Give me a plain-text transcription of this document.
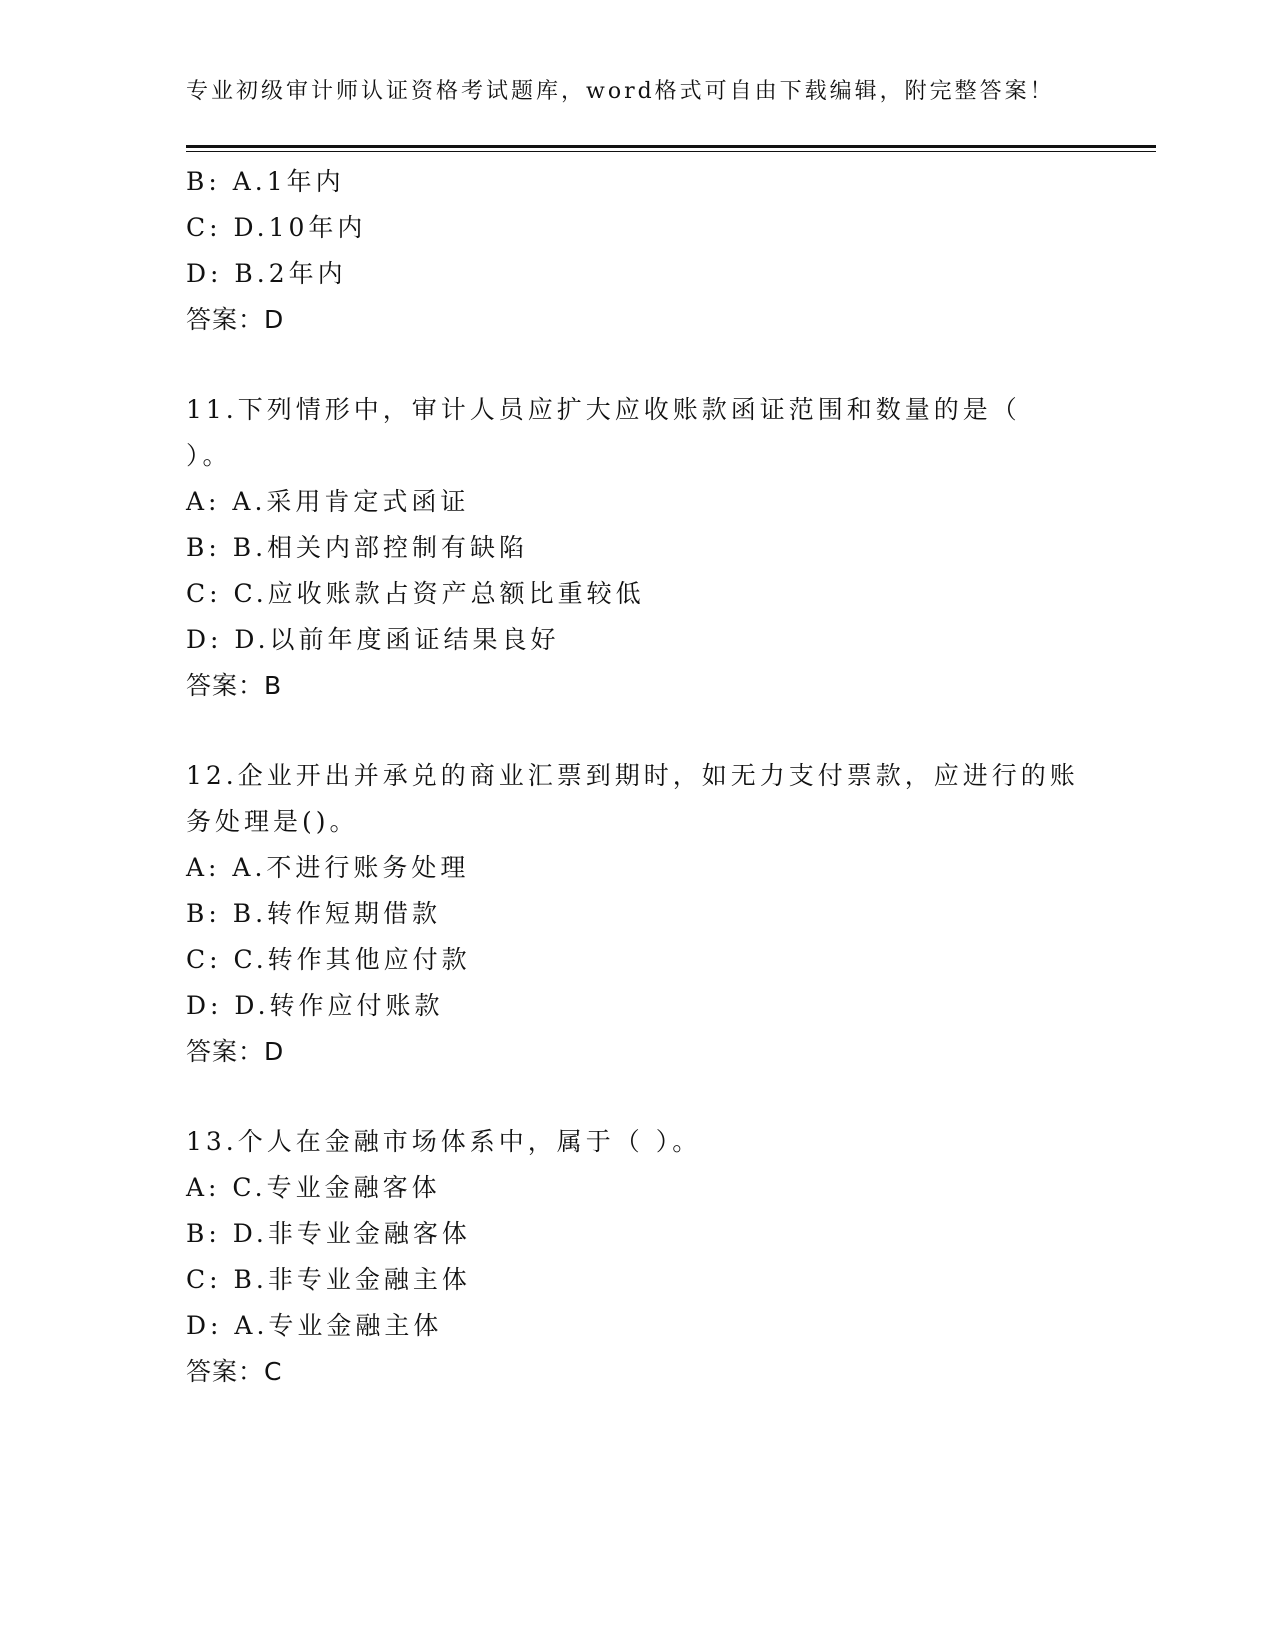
专业初级审计师认证资格考试题库，word格式可自由下载编辑，附完整答案！
B: A.1年内
C: D.10年内
D: B.2年内
答案：D
11.下列情形中，审计人员应扩大应收账款函证范围和数量的是（
）。
A: A.采用肯定式函证
B: B.相关内部控制有缺陷
C: C.应收账款占资产总额比重较低
D: D.以前年度函证结果良好
答案：B
12.企业开出并承兑的商业汇票到期时，如无力支付票款，应进行的账
务处理是()。
A: A.不进行账务处理
B: B.转作短期借款
C: C.转作其他应付款
D: D.转作应付账款
答案：D
13.个人在金融市场体系中，属于（ ）。
A: C.专业金融客体
B: D.非专业金融客体
C: B.非专业金融主体
D: A.专业金融主体
答案：C
